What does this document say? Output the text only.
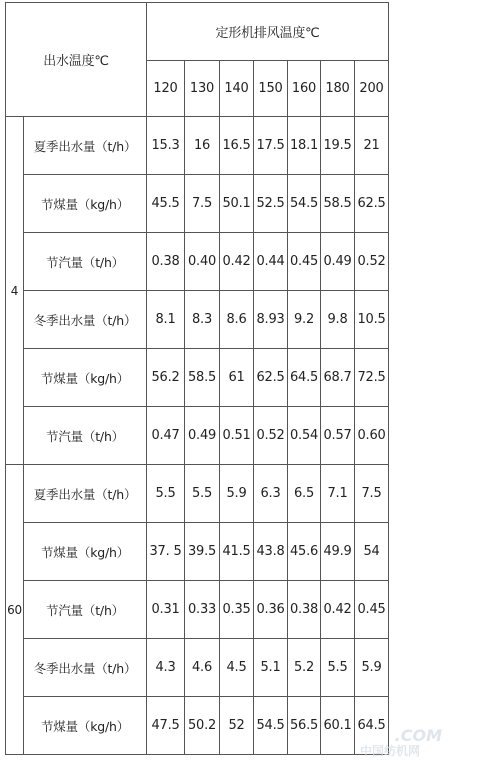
出水温度℃		定形机排风温度℃						
		120	130	140	150	160	180	200
4	夏季出水量（t/h）	15.3	16	16.5	17.5	18.1	19.5	21
	节煤量（kg/h）	45.5	7.5	50.1	52.5	54.5	58.5	62.5
	节汽量（t/h）	0.38	0.40	0.42	0.44	0.45	0.49	0.52
	冬季出水量（t/h）	8.1	8.3	8.6	8.93	9.2	9.8	10.5
	节煤量（kg/h）	56.2	58.5	61	62.5	64.5	68.7	72.5
	节汽量（t/h）	0.47	0.49	0.51	0.52	0.54	0.57	0.60
60	夏季出水量（t/h）	5.5	5.5	5.9	6.3	6.5	7.1	7.5
	节煤量（kg/h）	37. 5	39.5	41.5	43.8	45.6	49.9	54
	节汽量（t/h）	0.31	0.33	0.35	0.36	0.38	0.42	0.45
	冬季出水量（t/h）	4.3	4.6	4.5	5.1	5.2	5.5	5.9
	节煤量（kg/h）	47.5	50.2	52	54.5	56.5	60.1	64.5
.COM
中国纺机网
